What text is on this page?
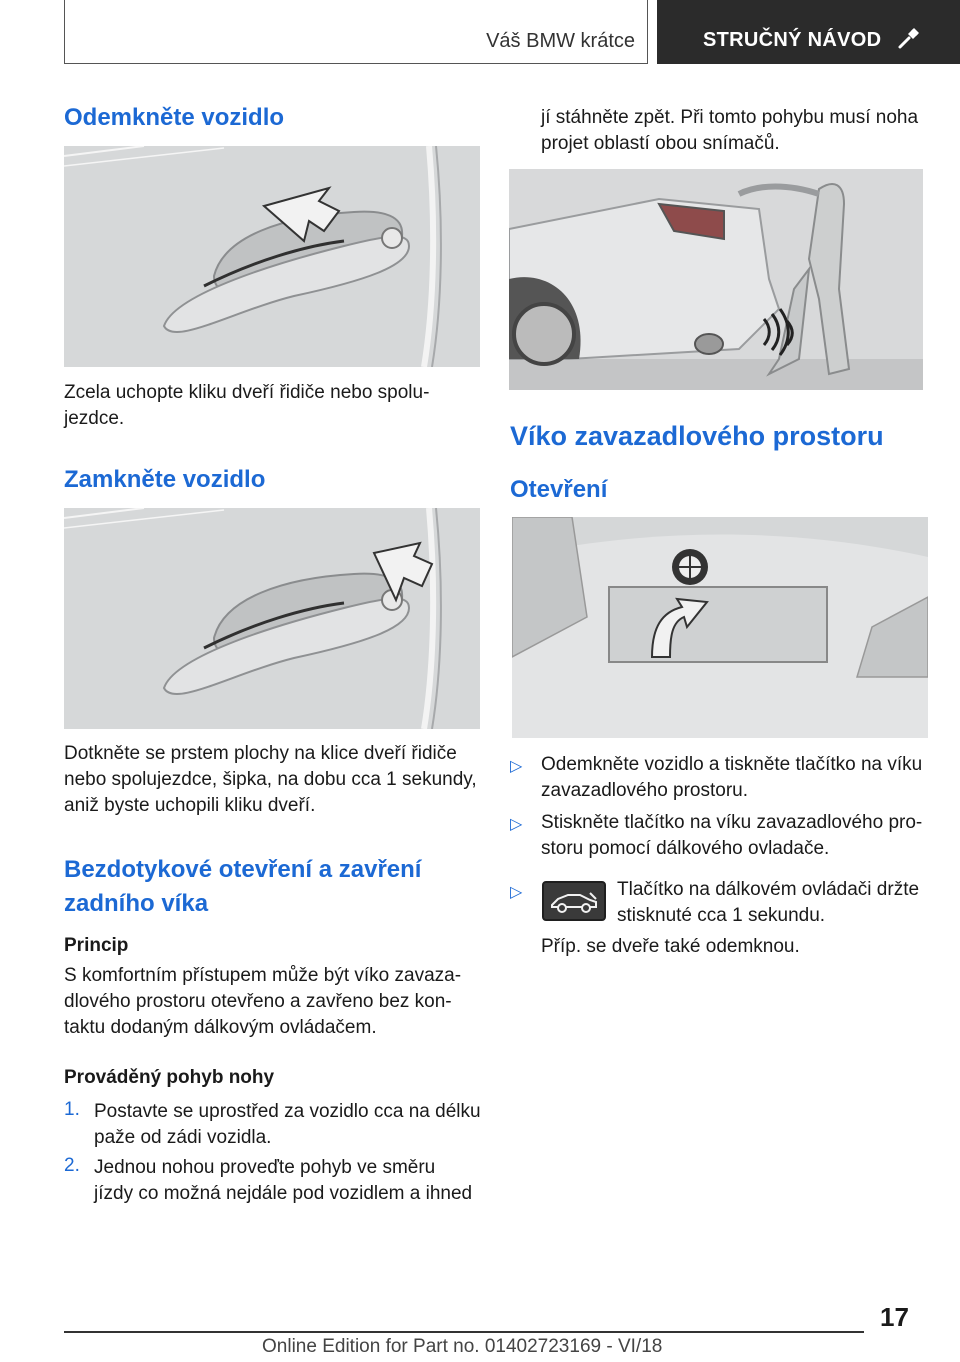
Váš BMW krátce	STRUČNÝ NÁVOD
Odemkněte vozidlo
Zcela uchopte kliku dveří řidiče nebo spolu‐
jezdce.
Zamkněte vozidlo
Dotkněte se prstem plochy na klice dveří řidiče
nebo spolujezdce, šipka, na dobu cca 1 sekundy,
aniž byste uchopili kliku dveří.
Bezdotykové otevření a zavření
zadního víka
Princip
S komfortním přístupem může být víko zavaza‐
dlového prostoru otevřeno a zavřeno bez kon‐
taktu dodaným dálkovým ovládačem.
Prováděný pohyb nohy
1. Postavte se uprostřed za vozidlo cca na délku
paže od zádi vozidla.
2. Jednou nohou proveďte pohyb ve směru
jízdy co možná nejdále pod vozidlem a ihned
jí stáhněte zpět. Při tomto pohybu musí noha
projet oblastí obou snímačů.
Víko zavazadlového prostoru
Otevření
▷ Odemkněte vozidlo a tiskněte tlačítko na víku
zavazadlového prostoru.
▷ Stiskněte tlačítko na víku zavazadlového pro‐
storu pomocí dálkového ovladače.
▷	Tlačítko na dálkovém ovládači držte
stisknuté cca 1 sekundu.
Příp. se dveře také odemknou.
17
Online Edition for Part no. 01402723169 - VI/18
